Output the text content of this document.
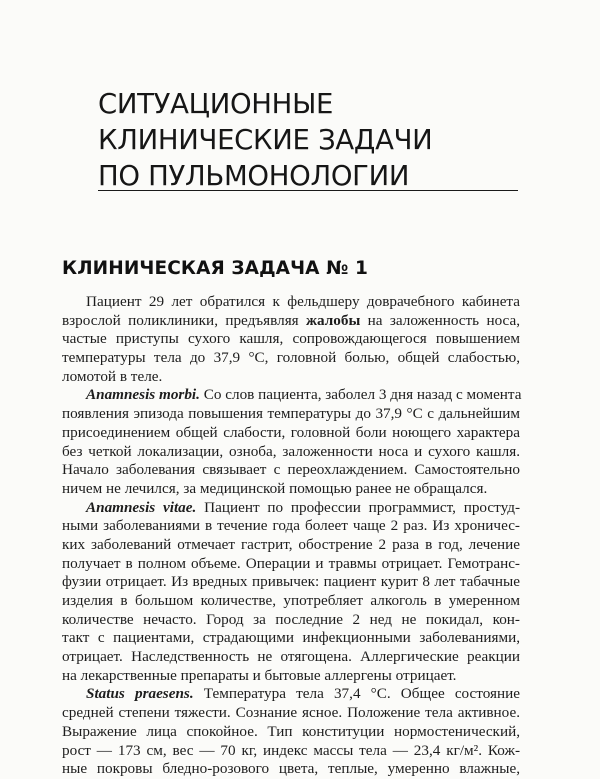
СИТУАЦИОННЫЕ
КЛИНИЧЕСКИЕ ЗАДАЧИ
ПО ПУЛЬМОНОЛОГИИ
КЛИНИЧЕСКАЯ ЗАДАЧА № 1
Пациент 29 лет обратился к фельдшеру доврачебного кабинета
взрослой поликлиники, предъявляя жалобы на заложенность носа,
частые приступы сухого кашля, сопровождающегося повышением
температуры тела до 37,9 °С, головной болью, общей слабостью,
ломотой в теле.
Anamnesis morbi. Со слов пациента, заболел 3 дня назад с момента
появления эпизода повышения температуры до 37,9 °С с дальнейшим
присоединением общей слабости, головной боли ноющего характера
без четкой локализации, озноба, заложенности носа и сухого кашля.
Начало заболевания связывает с переохлаждением. Самостоятельно
ничем не лечился, за медицинской помощью ранее не обращался.
Anamnesis vitae. Пациент по профессии программист, простуд-
ными заболеваниями в течение года болеет чаще 2 раз. Из хроничес-
ких заболеваний отмечает гастрит, обострение 2 раза в год, лечение
получает в полном объеме. Операции и травмы отрицает. Гемотранс-
фузии отрицает. Из вредных привычек: пациент курит 8 лет табачные
изделия в большом количестве, употребляет алкоголь в умеренном
количестве нечасто. Город за последние 2 нед не покидал, кон-
такт с пациентами, страдающими инфекционными заболеваниями,
отрицает. Наследственность не отягощена. Аллергические реакции
на лекарственные препараты и бытовые аллергены отрицает.
Status praesens. Температура тела 37,4 °С. Общее состояние
средней степени тяжести. Сознание ясное. Положение тела активное.
Выражение лица спокойное. Тип конституции нормостенический,
рост — 173 см, вес — 70 кг, индекс массы тела — 23,4 кг/м². Кож-
ные покровы бледно-розового цвета, теплые, умеренно влажные,
